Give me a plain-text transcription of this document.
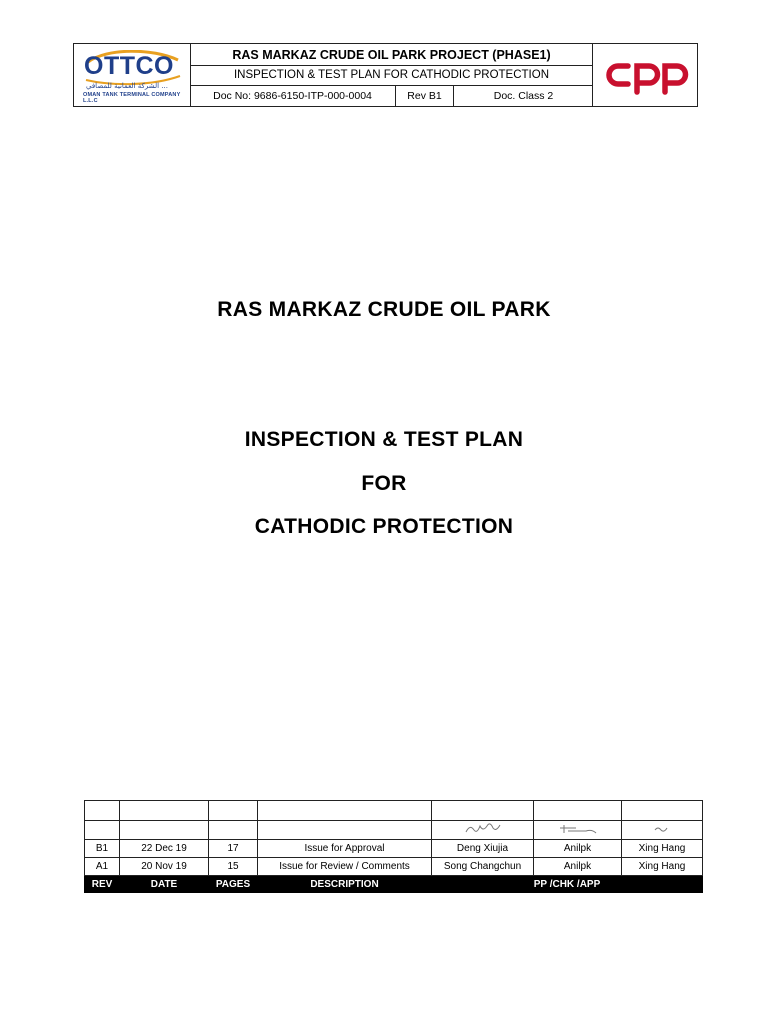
OTTCO
الشركة العمانية للمصافي ...
OMAN TANK TERMINAL COMPANY L.L.C
RAS MARKAZ CRUDE OIL PARK PROJECT (PHASE1)
INSPECTION & TEST PLAN FOR CATHODIC PROTECTION
Doc No: 9686-6150-ITP-000-0004	Rev B1	Doc. Class 2
RAS MARKAZ CRUDE OIL PARK
INSPECTION & TEST PLAN
FOR
CATHODIC PROTECTION

B1	22 Dec 19	17	Issue for Approval	Deng Xiujia	Anilpk	Xing Hang
A1	20 Nov 19	15	Issue for Review / Comments	Song Changchun	Anilpk	Xing Hang
REV	DATE	PAGES	DESCRIPTION	PP /CHK /APP		
